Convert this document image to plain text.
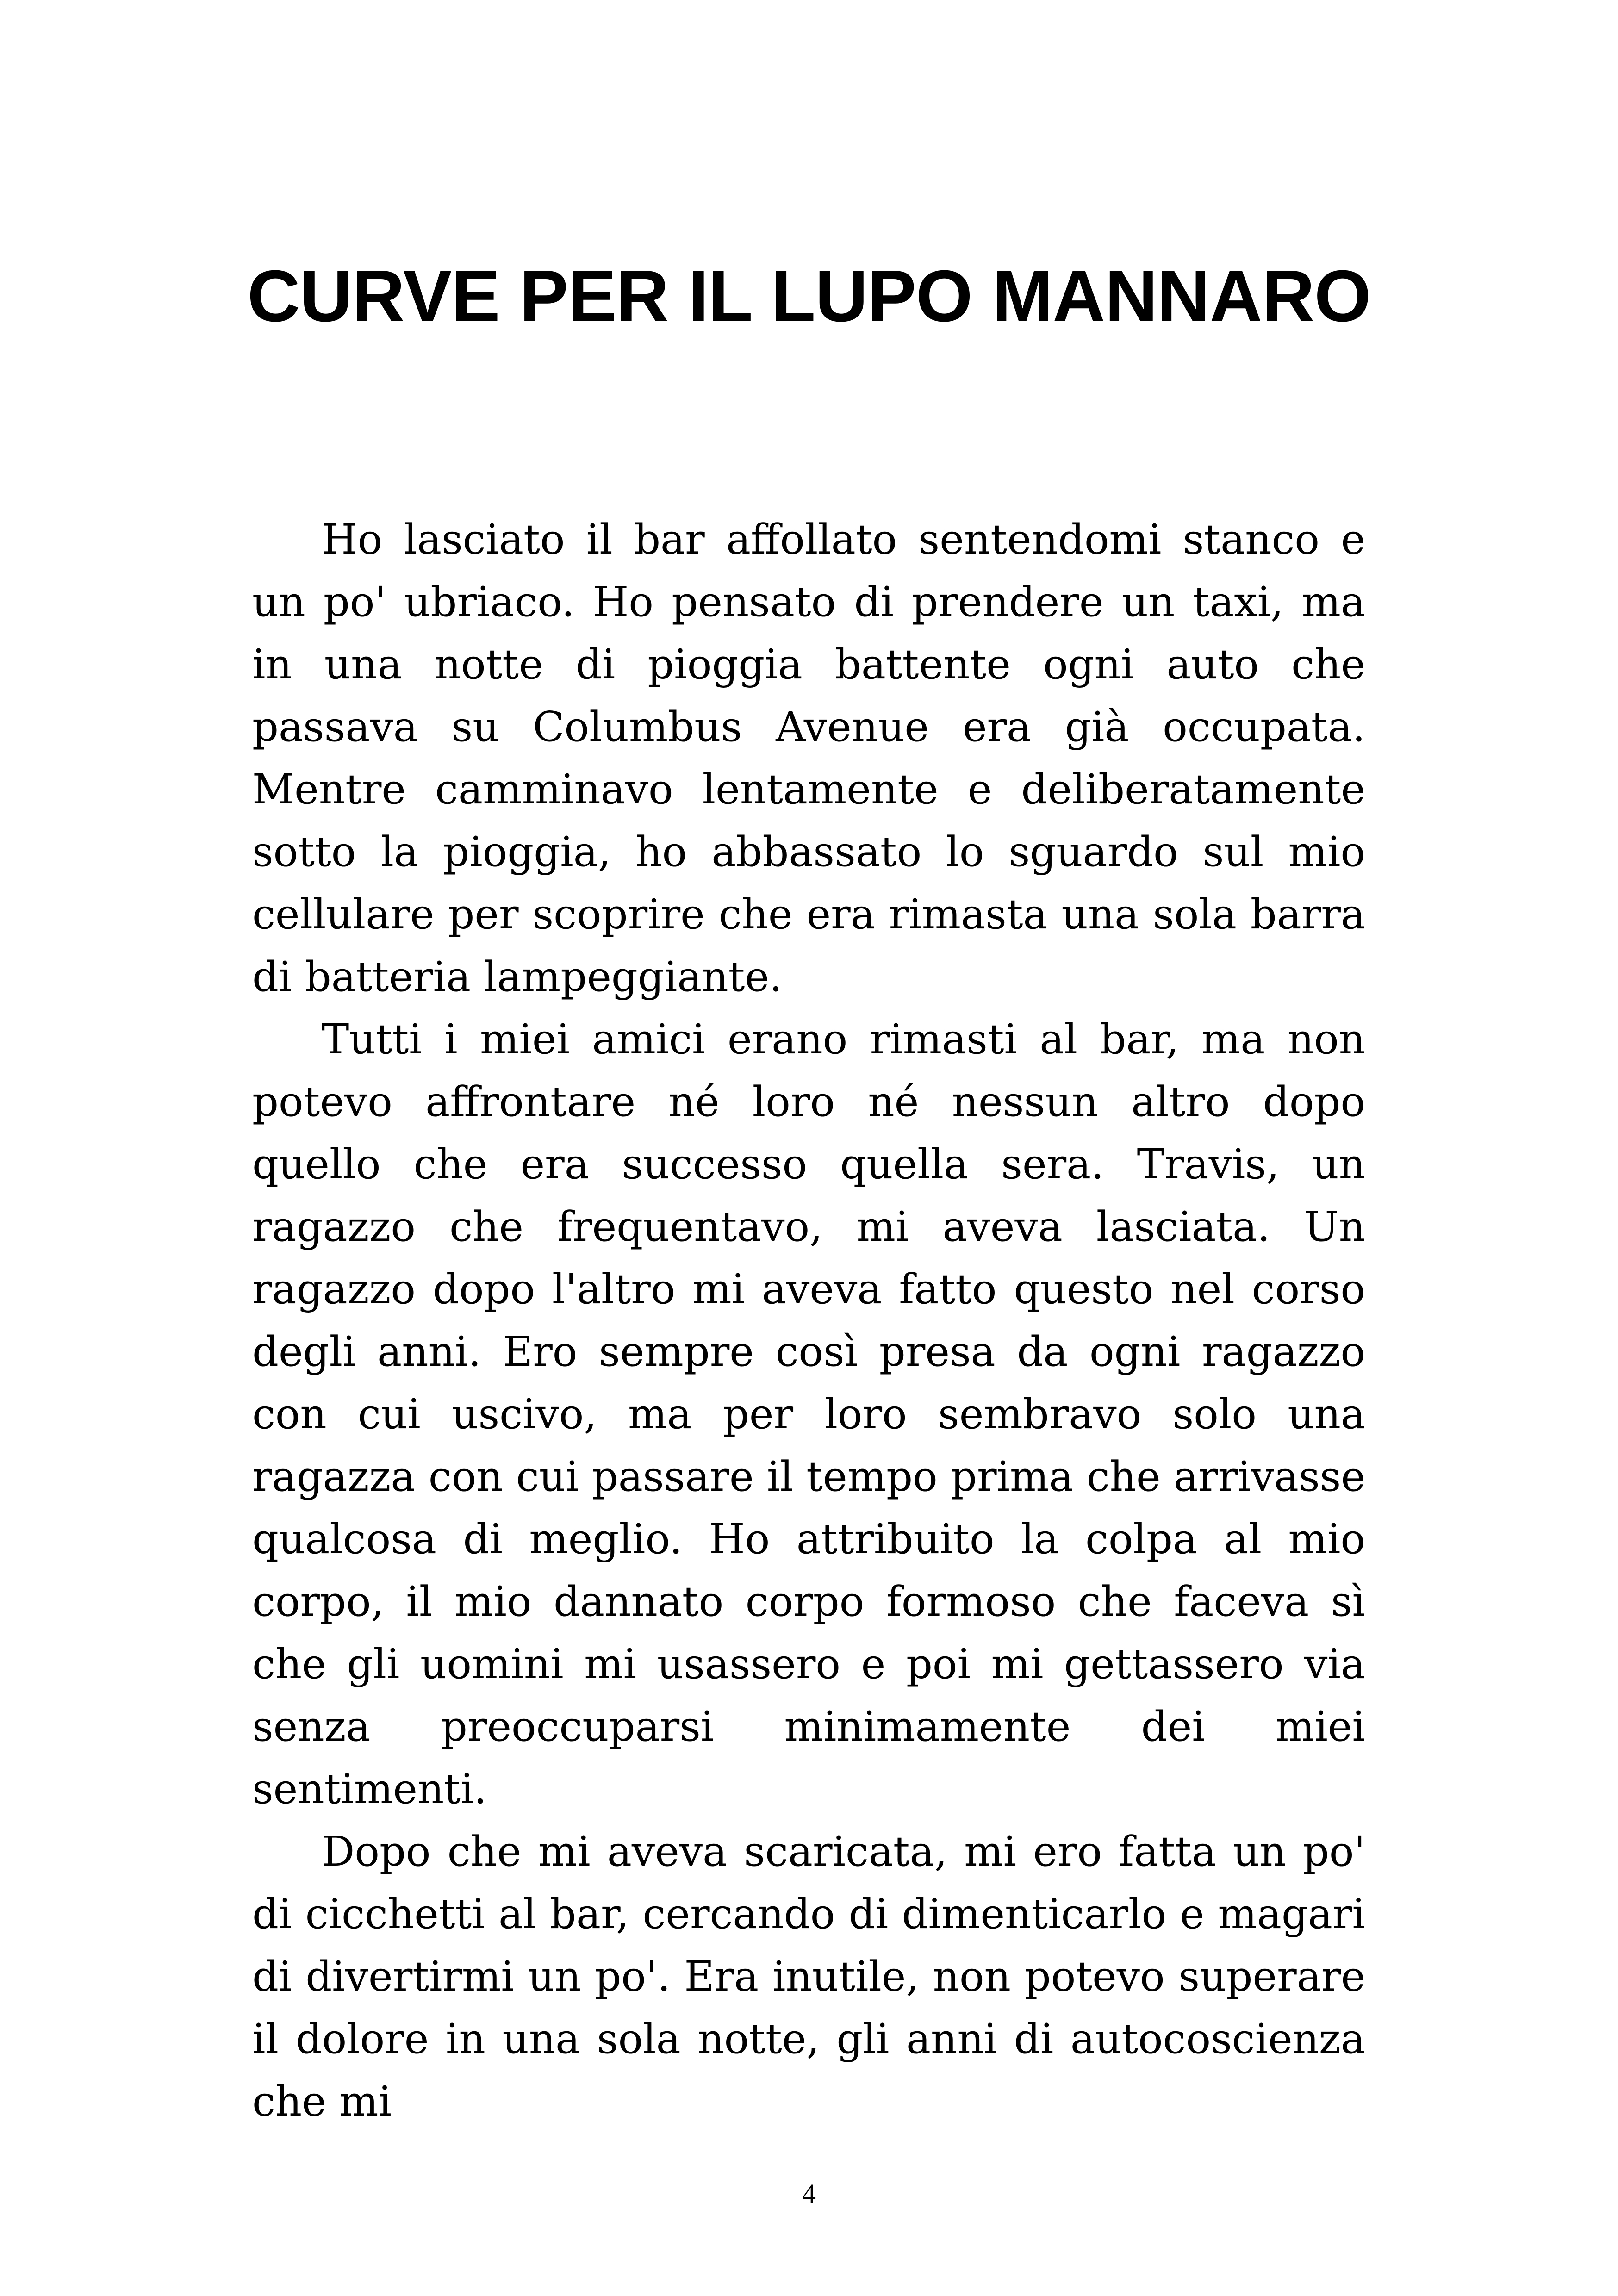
CURVE PER IL LUPO MANNARO

Ho lasciato il bar affollato sentendomi stanco e un po' ubriaco. Ho pensato di prendere un taxi, ma in una notte di pioggia battente ogni auto che passava su Columbus Avenue era già occupata. Mentre camminavo lentamente e deliberatamente sotto la pioggia, ho abbassato lo sguardo sul mio cellulare per scoprire che era rimasta una sola barra di batteria lampeggiante.

Tutti i miei amici erano rimasti al bar, ma non potevo affrontare né loro né nessun altro dopo quello che era successo quella sera. Travis, un ragazzo che frequentavo, mi aveva lasciata. Un ragazzo dopo l'altro mi aveva fatto questo nel corso degli anni. Ero sempre così presa da ogni ragazzo con cui uscivo, ma per loro sembravo solo una ragazza con cui passare il tempo prima che arrivasse qualcosa di meglio. Ho attribuito la colpa al mio corpo, il mio dannato corpo formoso che faceva sì che gli uomini mi usassero e poi mi gettassero via senza preoccuparsi minimamente dei miei sentimenti.

Dopo che mi aveva scaricata, mi ero fatta un po' di cicchetti al bar, cercando di dimenticarlo e magari di divertirmi un po'. Era inutile, non potevo superare il dolore in una sola notte, gli anni di autocoscienza che mi

4
